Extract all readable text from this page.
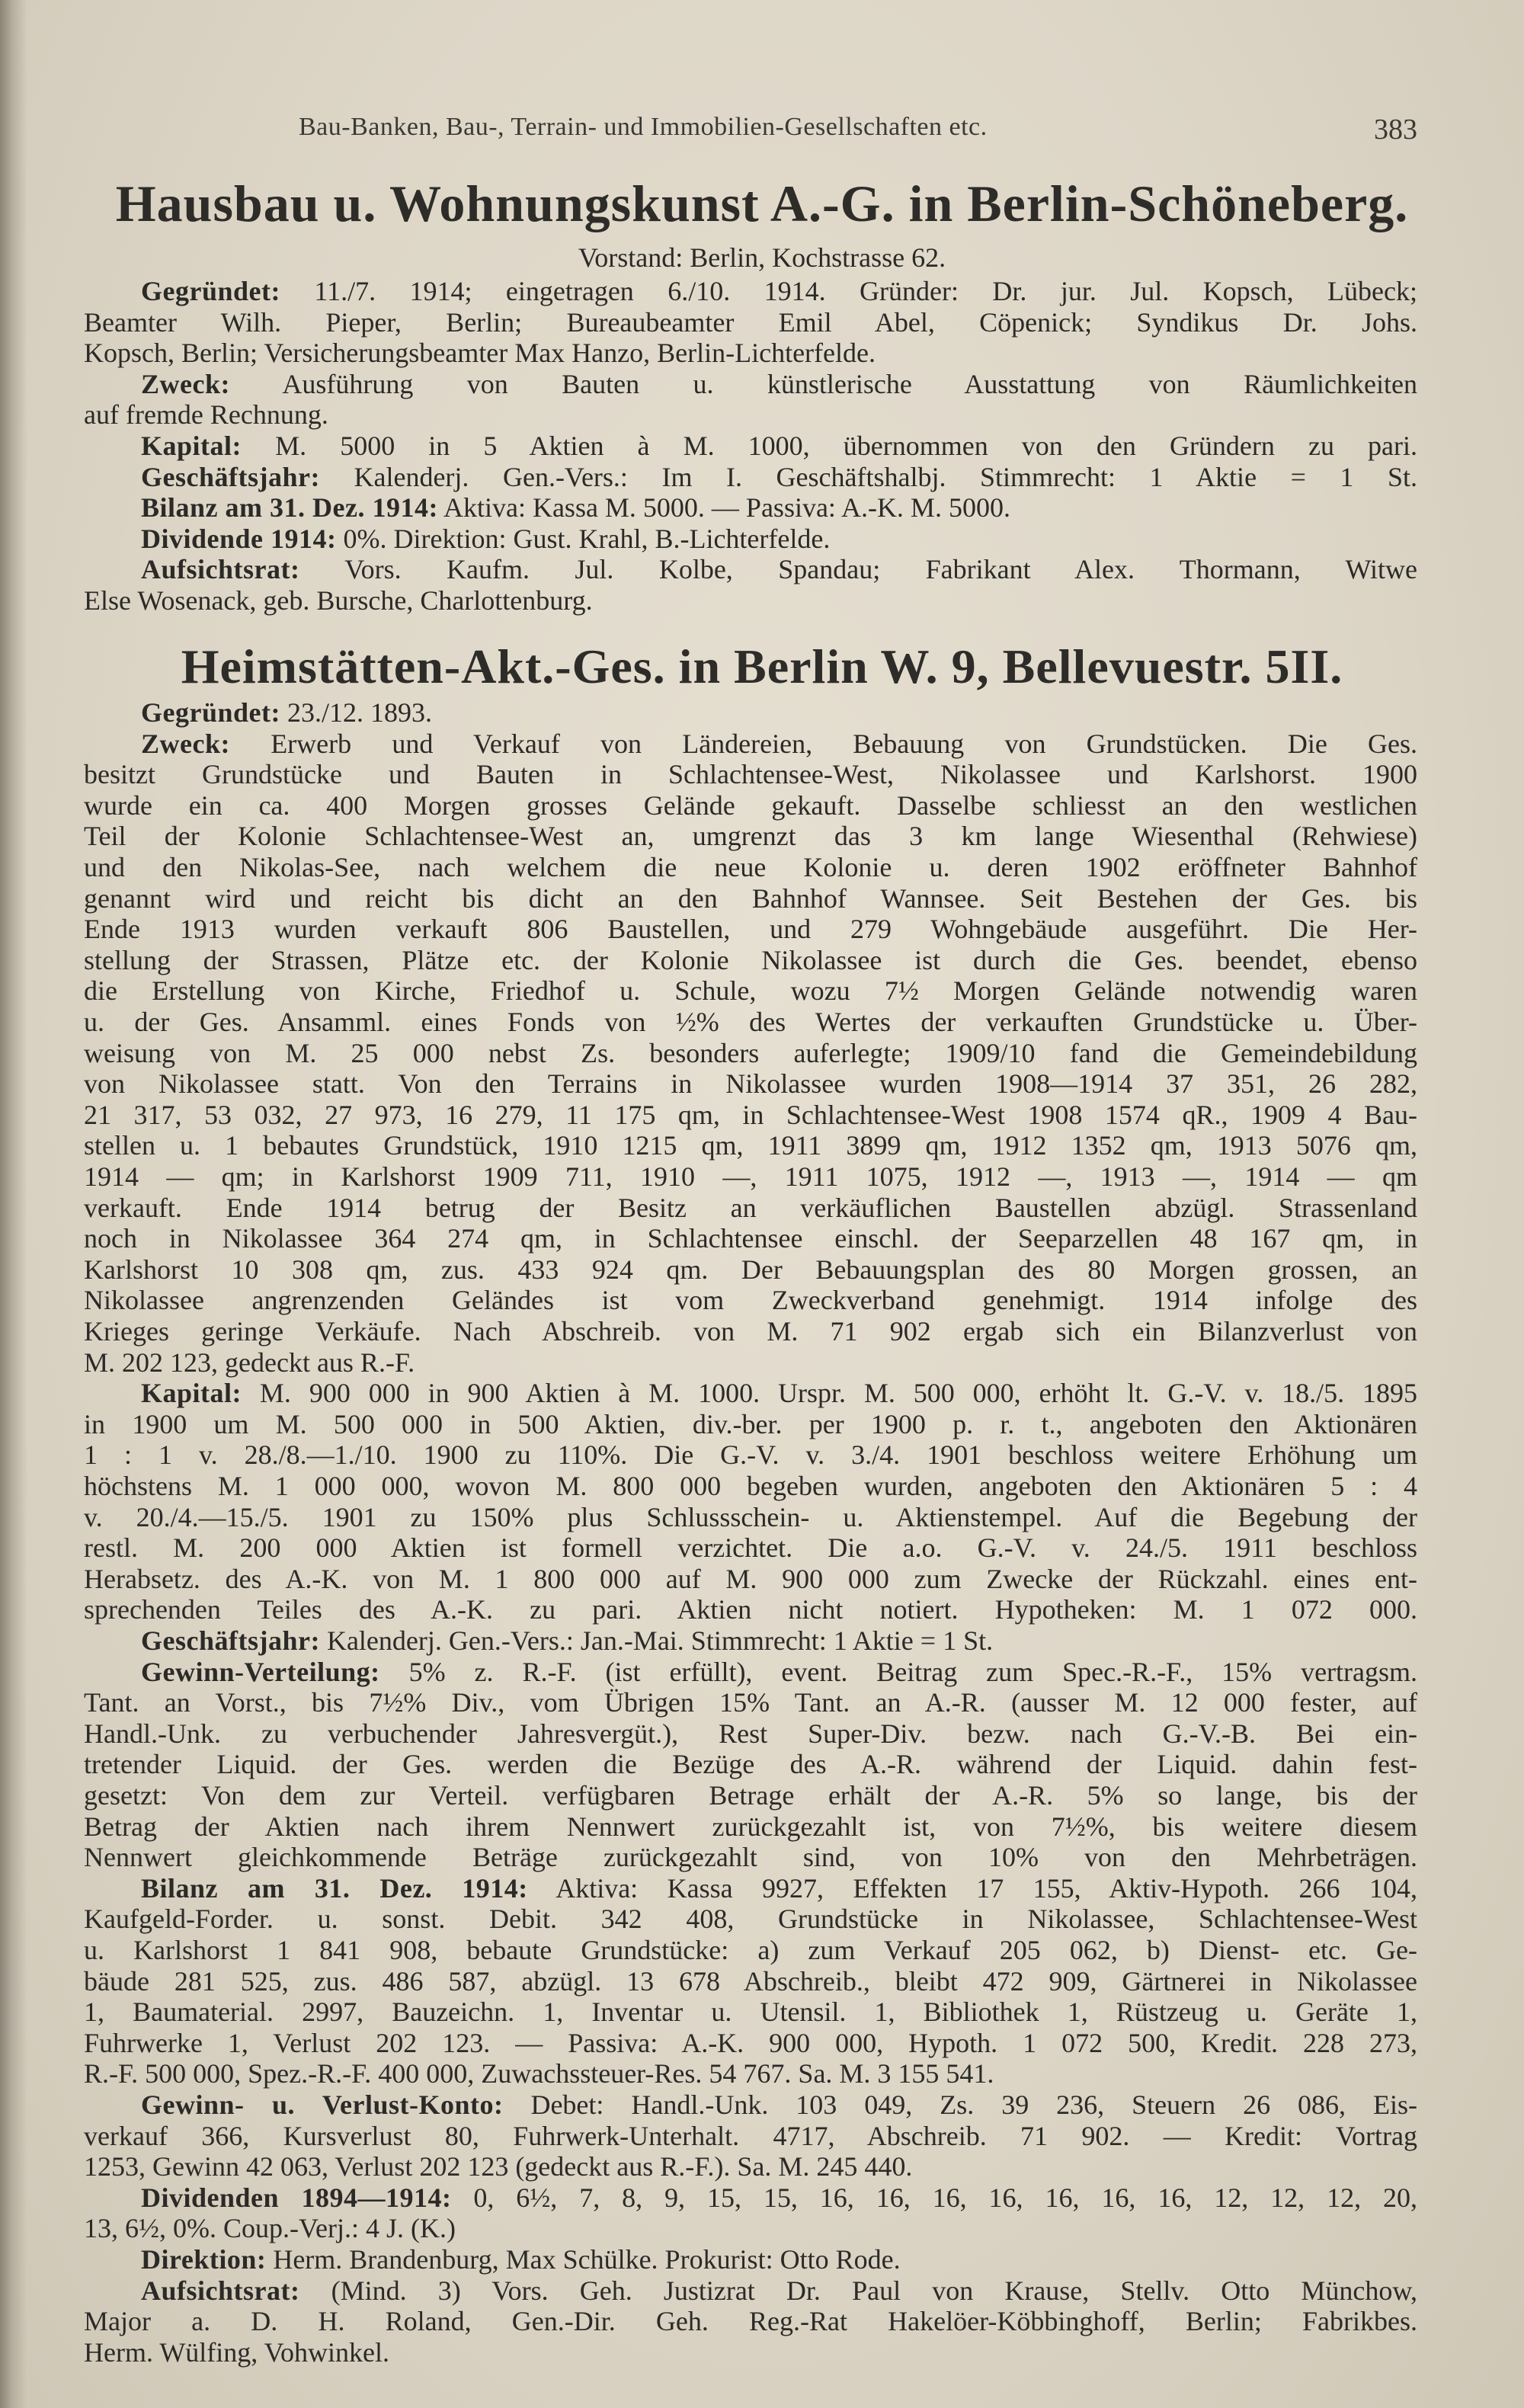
Bau-Banken, Bau-, Terrain- und Immobilien-Gesellschaften etc.	383
Hausbau u. Wohnungskunst A.-G. in Berlin-Schöneberg.
Vorstand: Berlin, Kochstrasse 62.
Gegründet: 11./7. 1914; eingetragen 6./10. 1914. Gründer: Dr. jur. Jul. Kopsch, Lübeck;
Beamter Wilh. Pieper, Berlin; Bureaubeamter Emil Abel, Cöpenick; Syndikus Dr. Johs.
Kopsch, Berlin; Versicherungsbeamter Max Hanzo, Berlin-Lichterfelde.
Zweck: Ausführung von Bauten u. künstlerische Ausstattung von Räumlichkeiten
auf fremde Rechnung.
Kapital: M. 5000 in 5 Aktien à M. 1000, übernommen von den Gründern zu pari.
Geschäftsjahr: Kalenderj. Gen.-Vers.: Im I. Geschäftshalbj. Stimmrecht: 1 Aktie = 1 St.
Bilanz am 31. Dez. 1914: Aktiva: Kassa M. 5000. — Passiva: A.-K. M. 5000.
Dividende 1914: 0%. Direktion: Gust. Krahl, B.-Lichterfelde.
Aufsichtsrat: Vors. Kaufm. Jul. Kolbe, Spandau; Fabrikant Alex. Thormann, Witwe
Else Wosenack, geb. Bursche, Charlottenburg.
Heimstätten-Akt.-Ges. in Berlin W. 9, Bellevuestr. 5II.
Gegründet: 23./12. 1893.
Zweck: Erwerb und Verkauf von Ländereien, Bebauung von Grundstücken. Die Ges.
besitzt Grundstücke und Bauten in Schlachtensee-West, Nikolassee und Karlshorst. 1900
wurde ein ca. 400 Morgen grosses Gelände gekauft. Dasselbe schliesst an den westlichen
Teil der Kolonie Schlachtensee-West an, umgrenzt das 3 km lange Wiesenthal (Rehwiese)
und den Nikolas-See, nach welchem die neue Kolonie u. deren 1902 eröffneter Bahnhof
genannt wird und reicht bis dicht an den Bahnhof Wannsee. Seit Bestehen der Ges. bis
Ende 1913 wurden verkauft 806 Baustellen, und 279 Wohngebäude ausgeführt. Die Her-
stellung der Strassen, Plätze etc. der Kolonie Nikolassee ist durch die Ges. beendet, ebenso
die Erstellung von Kirche, Friedhof u. Schule, wozu 7½ Morgen Gelände notwendig waren
u. der Ges. Ansamml. eines Fonds von ½% des Wertes der verkauften Grundstücke u. Über-
weisung von M. 25 000 nebst Zs. besonders auferlegte; 1909/10 fand die Gemeindebildung
von Nikolassee statt. Von den Terrains in Nikolassee wurden 1908—1914 37 351, 26 282,
21 317, 53 032, 27 973, 16 279, 11 175 qm, in Schlachtensee-West 1908 1574 qR., 1909 4 Bau-
stellen u. 1 bebautes Grundstück, 1910 1215 qm, 1911 3899 qm, 1912 1352 qm, 1913 5076 qm,
1914 — qm; in Karlshorst 1909 711, 1910 —, 1911 1075, 1912 —, 1913 —, 1914 — qm
verkauft. Ende 1914 betrug der Besitz an verkäuflichen Baustellen abzügl. Strassenland
noch in Nikolassee 364 274 qm, in Schlachtensee einschl. der Seeparzellen 48 167 qm, in
Karlshorst 10 308 qm, zus. 433 924 qm. Der Bebauungsplan des 80 Morgen grossen, an
Nikolassee angrenzenden Geländes ist vom Zweckverband genehmigt. 1914 infolge des
Krieges geringe Verkäufe. Nach Abschreib. von M. 71 902 ergab sich ein Bilanzverlust von
M. 202 123, gedeckt aus R.-F.
Kapital: M. 900 000 in 900 Aktien à M. 1000. Urspr. M. 500 000, erhöht lt. G.-V. v. 18./5. 1895
in 1900 um M. 500 000 in 500 Aktien, div.-ber. per 1900 p. r. t., angeboten den Aktionären
1 : 1 v. 28./8.—1./10. 1900 zu 110%. Die G.-V. v. 3./4. 1901 beschloss weitere Erhöhung um
höchstens M. 1 000 000, wovon M. 800 000 begeben wurden, angeboten den Aktionären 5 : 4
v. 20./4.—15./5. 1901 zu 150% plus Schlussschein- u. Aktienstempel. Auf die Begebung der
restl. M. 200 000 Aktien ist formell verzichtet. Die a.o. G.-V. v. 24./5. 1911 beschloss
Herabsetz. des A.-K. von M. 1 800 000 auf M. 900 000 zum Zwecke der Rückzahl. eines ent-
sprechenden Teiles des A.-K. zu pari. Aktien nicht notiert. Hypotheken: M. 1 072 000.
Geschäftsjahr: Kalenderj. Gen.-Vers.: Jan.-Mai. Stimmrecht: 1 Aktie = 1 St.
Gewinn-Verteilung: 5% z. R.-F. (ist erfüllt), event. Beitrag zum Spec.-R.-F., 15% vertragsm.
Tant. an Vorst., bis 7½% Div., vom Übrigen 15% Tant. an A.-R. (ausser M. 12 000 fester, auf
Handl.-Unk. zu verbuchender Jahresvergüt.), Rest Super-Div. bezw. nach G.-V.-B. Bei ein-
tretender Liquid. der Ges. werden die Bezüge des A.-R. während der Liquid. dahin fest-
gesetzt: Von dem zur Verteil. verfügbaren Betrage erhält der A.-R. 5% so lange, bis der
Betrag der Aktien nach ihrem Nennwert zurückgezahlt ist, von 7½%, bis weitere diesem
Nennwert gleichkommende Beträge zurückgezahlt sind, von 10% von den Mehrbeträgen.
Bilanz am 31. Dez. 1914: Aktiva: Kassa 9927, Effekten 17 155, Aktiv-Hypoth. 266 104,
Kaufgeld-Forder. u. sonst. Debit. 342 408, Grundstücke in Nikolassee, Schlachtensee-West
u. Karlshorst 1 841 908, bebaute Grundstücke: a) zum Verkauf 205 062, b) Dienst- etc. Ge-
bäude 281 525, zus. 486 587, abzügl. 13 678 Abschreib., bleibt 472 909, Gärtnerei in Nikolassee
1, Baumaterial. 2997, Bauzeichn. 1, Inventar u. Utensil. 1, Bibliothek 1, Rüstzeug u. Geräte 1,
Fuhrwerke 1, Verlust 202 123. — Passiva: A.-K. 900 000, Hypoth. 1 072 500, Kredit. 228 273,
R.-F. 500 000, Spez.-R.-F. 400 000, Zuwachssteuer-Res. 54 767. Sa. M. 3 155 541.
Gewinn- u. Verlust-Konto: Debet: Handl.-Unk. 103 049, Zs. 39 236, Steuern 26 086, Eis-
verkauf 366, Kursverlust 80, Fuhrwerk-Unterhalt. 4717, Abschreib. 71 902. — Kredit: Vortrag
1253, Gewinn 42 063, Verlust 202 123 (gedeckt aus R.-F.). Sa. M. 245 440.
Dividenden 1894—1914: 0, 6½, 7, 8, 9, 15, 15, 16, 16, 16, 16, 16, 16, 16, 12, 12, 12, 20,
13, 6½, 0%. Coup.-Verj.: 4 J. (K.)
Direktion: Herm. Brandenburg, Max Schülke. Prokurist: Otto Rode.
Aufsichtsrat: (Mind. 3) Vors. Geh. Justizrat Dr. Paul von Krause, Stellv. Otto Münchow,
Major a. D. H. Roland, Gen.-Dir. Geh. Reg.-Rat Hakelöer-Köbbinghoff, Berlin; Fabrikbes.
Herm. Wülfing, Vohwinkel.
